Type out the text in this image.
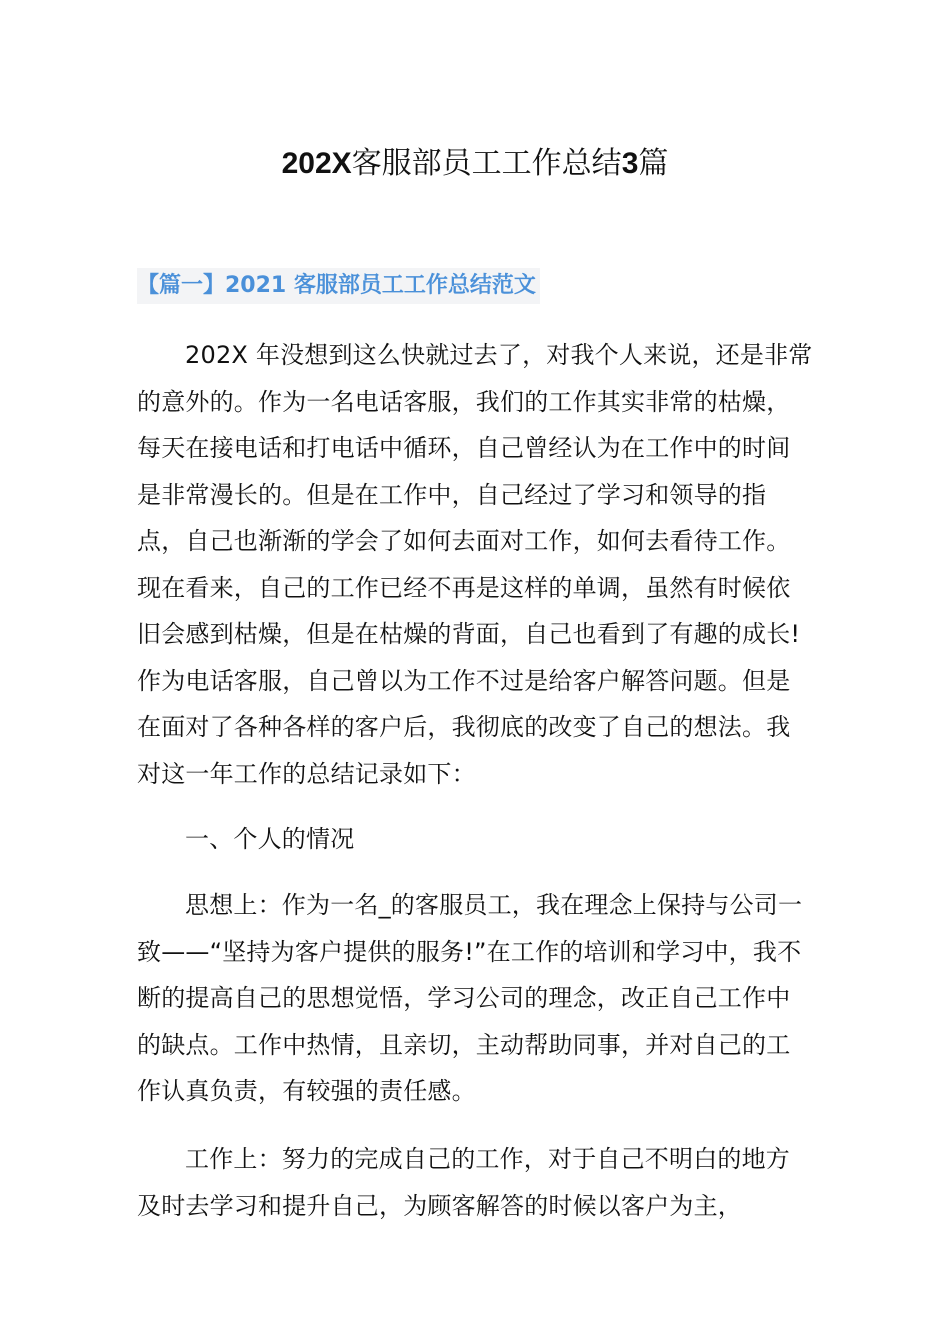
202X客服部员工工作总结3篇
【篇一】2021 客服部员工工作总结范文

202X 年没想到这么快就过去了，对我个人来说，还是非常的意外的。作为一名电话客服，我们的工作其实非常的枯燥，每天在接电话和打电话中循环，自己曾经认为在工作中的时间是非常漫长的。但是在工作中，自己经过了学习和领导的指点，自己也渐渐的学会了如何去面对工作，如何去看待工作。现在看来，自己的工作已经不再是这样的单调，虽然有时候依旧会感到枯燥，但是在枯燥的背面，自己也看到了有趣的成长!作为电话客服，自己曾以为工作不过是给客户解答问题。但是在面对了各种各样的客户后，我彻底的改变了自己的想法。我对这一年工作的总结记录如下：

一、个人的情况

思想上：作为一名_的客服员工，我在理念上保持与公司一致——“坚持为客户提供的服务!”在工作的培训和学习中，我不断的提高自己的思想觉悟，学习公司的理念，改正自己工作中的缺点。工作中热情，且亲切，主动帮助同事，并对自己的工作认真负责，有较强的责任感。

工作上：努力的完成自己的工作，对于自己不明白的地方及时去学习和提升自己，为顾客解答的时候以客户为主，
